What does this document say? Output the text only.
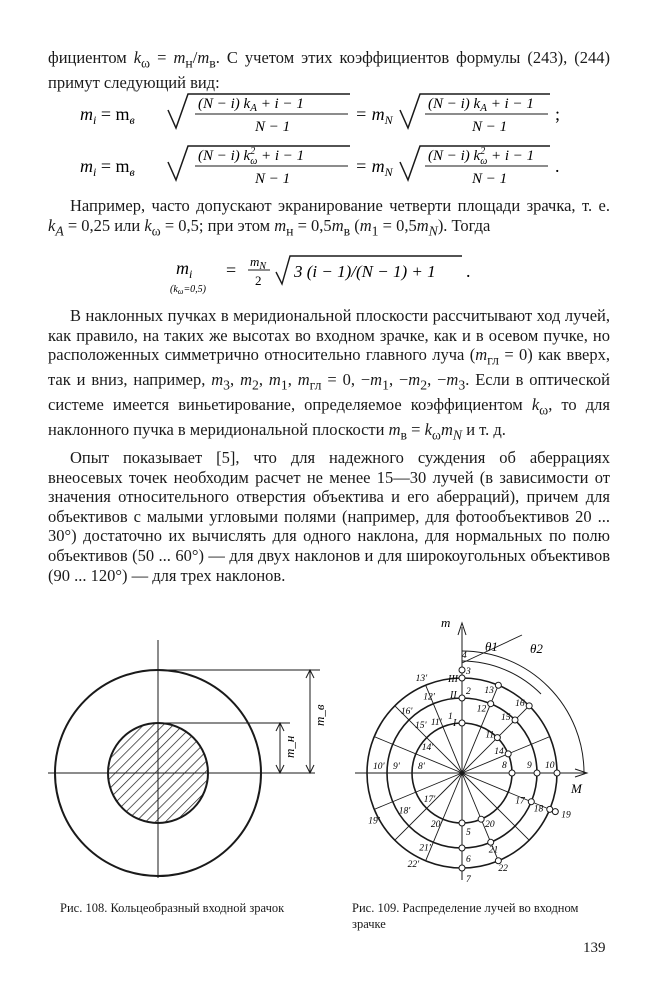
фициентом $k_\omega = m_н/m_в$. С учетом этих коэффициентов формулы (243), (244) примут следующий вид:

$m_i = m_в$
(N − i) $k_A + i - 1$
N − 1
= $m_N$
(N − i) $k_A + i - 1$
N − 1
;
$m_i = m_в$
(N − i) $k^2$ ω + i − 1
N − 1
= $m_N$
(N − i) $k^2$ ω + i − 1
N − 1
.

Например, часто допускают экранирование четверти площади зрачка, т. е. $k_A = 0,25$ или $k_\omega = 0,5$; при этом $m_н = 0,5m_в$ $(m_1 = 0,5m_N)$. Тогда

$m_i$
$(k_\omega=0,5)$
= $m_N$
2 3 (i − 1)/(N − 1) + 1 .

В наклонных пучках в меридиональной плоскости рассчитывают ход лучей, как правило, на таких же высотах во входном зрачке, как и в осевом пучке, но расположенных симметрично относительно главного луча $(m_{гл} = 0)$ как вверх, так и вниз, например, $m_3$, $m_2$, $m_1$, $m_{гл} = 0$, $-m_1$, $-m_2$, $-m_3$. Если в оптической системе имеется виньетирование, определяемое коэффициентом $k_\omega$, то для наклонного пучка в меридиональной плоскости $m_в = k_\omega m_N$ и т. д.

Опыт показывает [5], что для надежного суждения об аберрациях внеосевых точек необходим расчет не менее 15—30 лучей (в зависимости от значения относительного отверстия объектива и его аберраций), причем для объективов с малыми угловыми полями (например, для фотообъективов 20 ... 30°) достаточно их вычислять для одного наклона, для нормальных по полю объективов (50 ... 60°) — для двух наклонов и для широкоугольных объективов (90 ... 120°) — для трех наклонов.

m_в
m_н
1
2
3
4
5
6
7
8 9 10
11
12
13
14
15
16
17
18
19
20
21
22
8'
9'
10'
11'
12'
13'
14'
15'
16'
17'
18'
19'	20'
21'
22'
m
M
θ1 θ2
I
II
III
Рис. 108. Кольцеобразный входной зрачок	Рис. 109. Распределение лучей во входном зрачке
139
